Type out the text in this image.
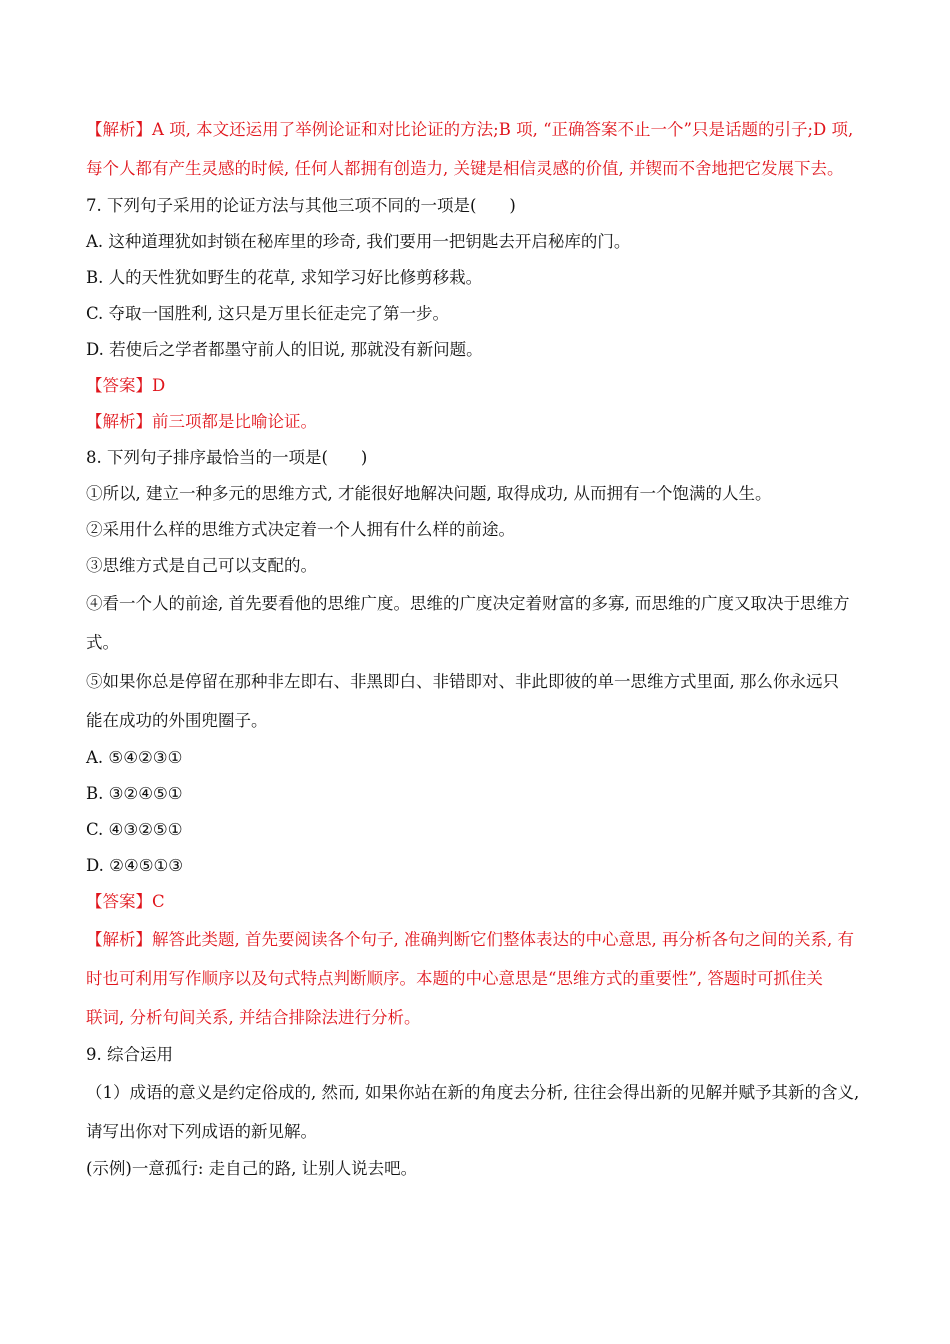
【解析】A 项, 本文还运用了举例论证和对比论证的方法;B 项, “正确答案不止一个”只是话题的引子;D 项,
每个人都有产生灵感的时候, 任何人都拥有创造力, 关键是相信灵感的价值, 并锲而不舍地把它发展下去。
7. 下列句子采用的论证方法与其他三项不同的一项是(　　)
A. 这种道理犹如封锁在秘库里的珍奇, 我们要用一把钥匙去开启秘库的门。
B. 人的天性犹如野生的花草, 求知学习好比修剪移栽。
C. 夺取一国胜利, 这只是万里长征走完了第一步。
D. 若使后之学者都墨守前人的旧说, 那就没有新问题。
【答案】D
【解析】前三项都是比喻论证。
8. 下列句子排序最恰当的一项是(　　)
①所以, 建立一种多元的思维方式, 才能很好地解决问题, 取得成功, 从而拥有一个饱满的人生。
②采用什么样的思维方式决定着一个人拥有什么样的前途。
③思维方式是自己可以支配的。
④看一个人的前途, 首先要看他的思维广度。思维的广度决定着财富的多寡, 而思维的广度又取决于思维方
式。
⑤如果你总是停留在那种非左即右、非黑即白、非错即对、非此即彼的单一思维方式里面, 那么你永远只
能在成功的外围兜圈子。
A. ⑤④②③①
B. ③②④⑤①
C. ④③②⑤①
D. ②④⑤①③
【答案】C
【解析】解答此类题, 首先要阅读各个句子, 准确判断它们整体表达的中心意思, 再分析各句之间的关系, 有
时也可利用写作顺序以及句式特点判断顺序。本题的中心意思是“思维方式的重要性”, 答题时可抓住关
联词, 分析句间关系, 并结合排除法进行分析。
9. 综合运用
（1）成语的意义是约定俗成的, 然而, 如果你站在新的角度去分析, 往往会得出新的见解并赋予其新的含义,
请写出你对下列成语的新见解。
(示例)一意孤行: 走自己的路, 让别人说去吧。
